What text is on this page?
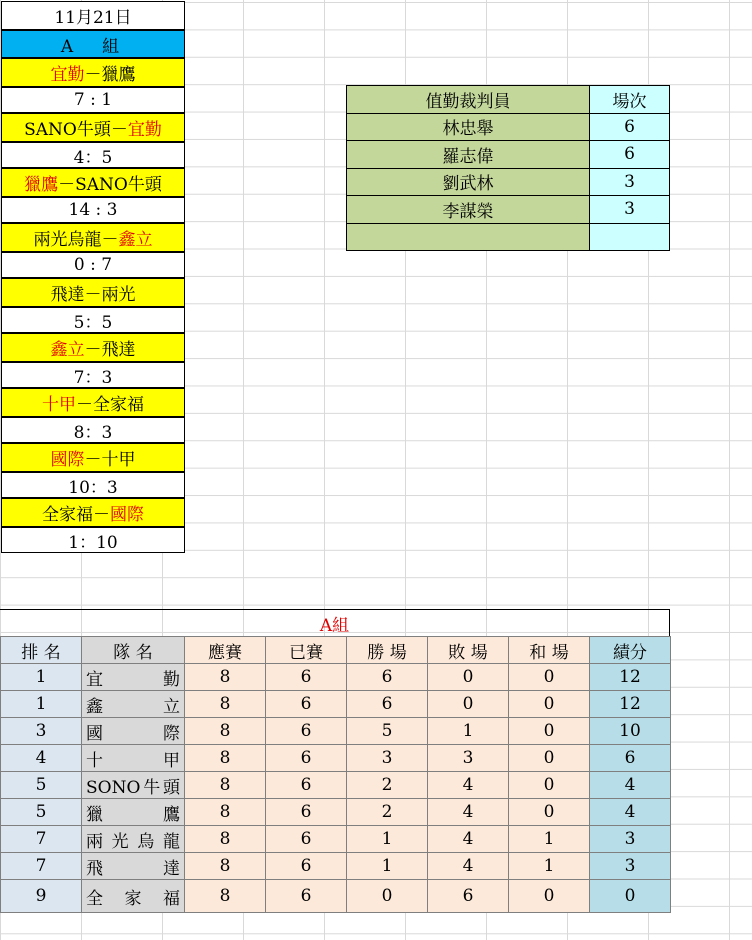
11月21日
A　組
宜勤 － 獵鷹
7 : 1
SANO牛頭 － 宜勤
4：5
獵鷹 － SANO牛頭
14 : 3
兩光烏龍 － 鑫立
0 : 7
飛達 － 兩光
5：5
鑫立 － 飛達
7：3
十甲 － 全家福
8：3
國際 － 十甲
10：3
全家福 － 國際
1：10
值勤裁判員	場次
林忠舉	6
羅志偉	6
劉武林	3
李謀榮	3
A組
排 名	隊 名	應賽	已賽	勝 場	敗 場	和 場	績分
1	宜　勤	8	6	6	0	0	12
1	鑫　立	8	6	6	0	0	12
3	國　際	8	6	5	1	0	10
4	十　甲	8	6	3	3	0	6
5	SONO牛頭	8	6	2	4	0	4
5	獵　鷹	8	6	2	4	0	4
7	兩光烏龍	8	6	1	4	1	3
7	飛　達	8	6	1	4	1	3
9	全 家 福	8	6	0	6	0	0
